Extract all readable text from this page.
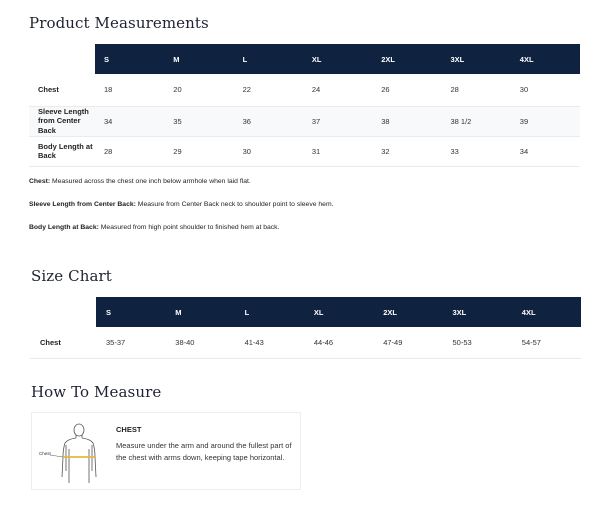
Product Measurements
	S	M	L	XL	2XL	3XL	4XL
Chest	18	20	22	24	26	28	30
Sleeve Length from Center Back	34	35	36	37	38	38 1/2	39
Body Length at Back	28	29	30	31	32	33	34

Chest: Measured across the chest one inch below armhole when laid flat.

Sleeve Length from Center Back: Measure from Center Back neck to shoulder point to sleeve hem.

Body Length at Back: Measured from high point shoulder to finished hem at back.

Size Chart
	S	M	L	XL	2XL	3XL	4XL
Chest	35-37	38-40	41-43	44-46	47-49	50-53	54-57
How To Measure
Chest
CHEST
Measure under the arm and around the fullest part of the chest with arms down, keeping tape horizontal.
